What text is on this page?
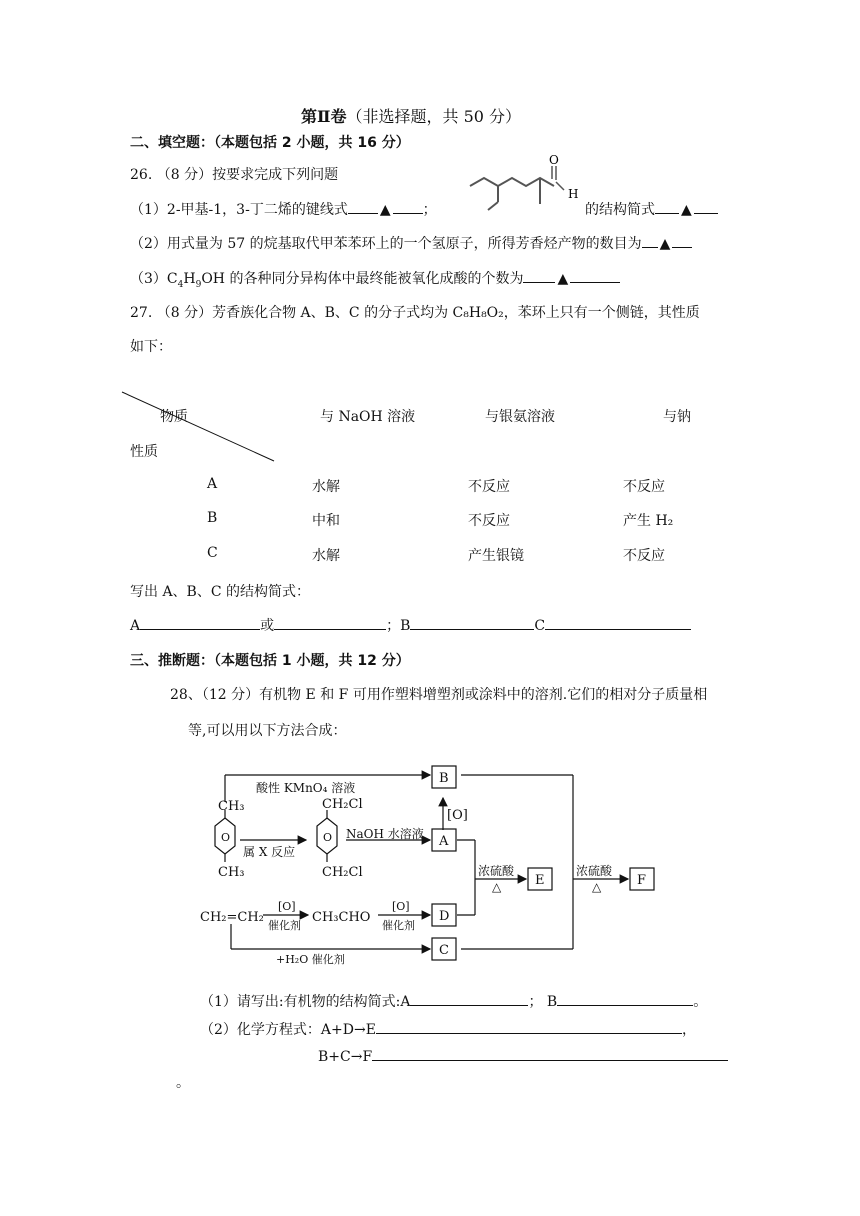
第Ⅱ卷（非选择题，共 50 分）
二、填空题：（本题包括 2 小题，共 16 分）
26. （8 分）按要求完成下列问题
（1）2-甲基-1，3-丁二烯的键线式 ▲ ；
O
H
的结构简式 ▲
（2）用式量为 57 的烷基取代甲苯苯环上的一个氢原子，所得芳香烃产物的数目为 ▲
$(3)C_4H_9OH$ 的各种同分异构体中最终能被氧化成酸的个数为 ▲
27. （8 分）芳香族化合物 A、B、C 的分子式均为 C₈H₈O₂，苯环上只有一个侧链，其性质
如下：
物质
性质
与 NaOH 溶液	与银氨溶液	与钠
A	水解	不反应	不反应
B	中和	不反应	产生 H₂
C	水解	产生银镜	不反应
写出 A、B、C 的结构简式：
A	或	；B	C
三、推断题：（本题包括 1 小题，共 12 分）
28、（12 分）有机物 E 和 F 可用作塑料增塑剂或涂料中的溶剂.它们的相对分子质量相
等,可以用以下方法合成：
酸性 KMnO₄ 溶液
CH₃
O
CH₃
属 X 反应
CH₂Cl
O
CH₂Cl
NaOH 水溶液
B
A
D
C
E	F
[O]
浓硫酸
△
浓硫酸
△
CH₂=CH₂
[O]
催化剂
CH₃CHO
[O]
催化剂
+H₂O 催化剂
（1）请写出:有机物的结构简式:A	； B	。
（2）化学方程式：A+D→E	，
B+C→F
。
